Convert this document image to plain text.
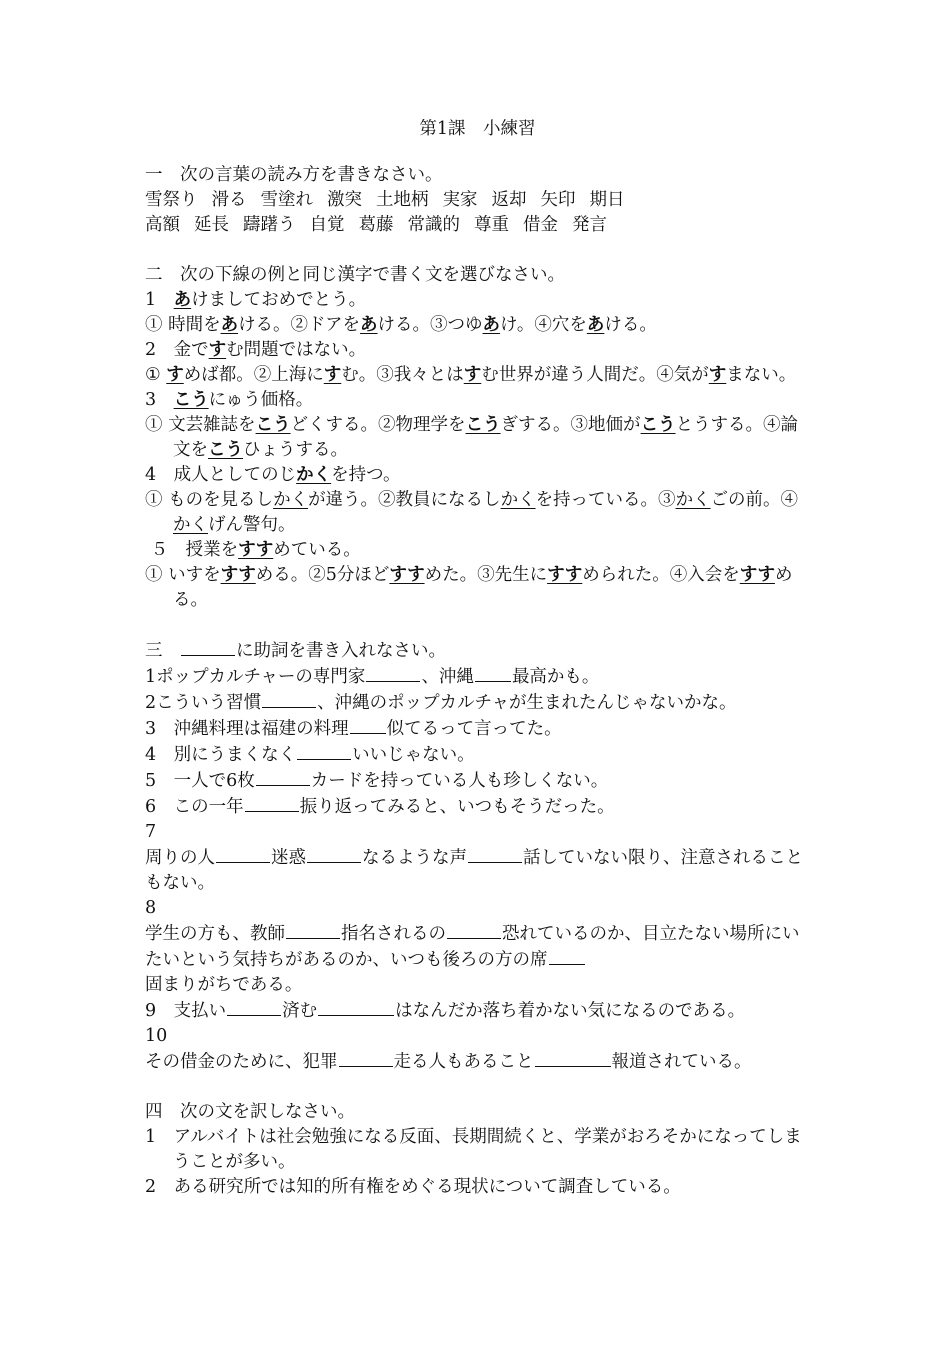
第1課　小練習

一　次の言葉の読み方を書きなさい。

雪祭り 滑る 雪塗れ 激突 土地柄 実家 返却 矢印 期日

高額 延長 躊躇う 自覚 葛藤 常識的 尊重 借金 発言

二　次の下線の例と同じ漢字で書く文を選びなさい。

1　 あけましておめでとう。

① 時間をあける。②ドアをあける。③つゆあけ。④穴をあける。

2　 金ですむ問題ではない。

① すめば都。②上海にすむ。③我々とはすむ世界が違う人間だ。④気がすまない。

3　 こうにゅう価格。

① 文芸雑誌をこうどくする。②物理学をこうぎする。③地価がこうとうする。④論文をこうひょうする。

4　 成人としてのじかくを持つ。

① ものを見るしかくが違う。②教員になるしかくを持っている。③かくごの前。④かくげん警句。

５　 授業をすすめている。

① いすをすすめる。②5分ほどすすめた。③先生にすすめられた。④入会をすすめる。

三　	に助詞を書き入れなさい。

1ポップカルチャーの専門家	、沖縄 最高かも。

2こういう習慣	、沖縄のポップカルチャが生まれたんじゃないかな。

3　沖縄料理は福建の料理 似てるって言ってた。

4　別にうまくなく	いいじゃない。

5　一人で6枚	カードを持っている人も珍しくない。

6　この一年	振り返ってみると、いつもそうだった。

7

周りの人	迷惑	なるような声	話していない限り、注意されることもない。

8

学生の方も、教師	指名されるの	恐れているのか、目立たない場所にいたいという気持ちがあるのか、いつも後ろの方の席

固まりがちである。

9　支払い	済む	はなんだか落ち着かない気になるのである。

10

その借金のために、犯罪	走る人もあること	報道されている。

四　次の文を訳しなさい。

1　アルバイトは社会勉強になる反面、長期間続くと、学業がおろそかになってしまうことが多い。

2　ある研究所では知的所有権をめぐる現状について調査している。
